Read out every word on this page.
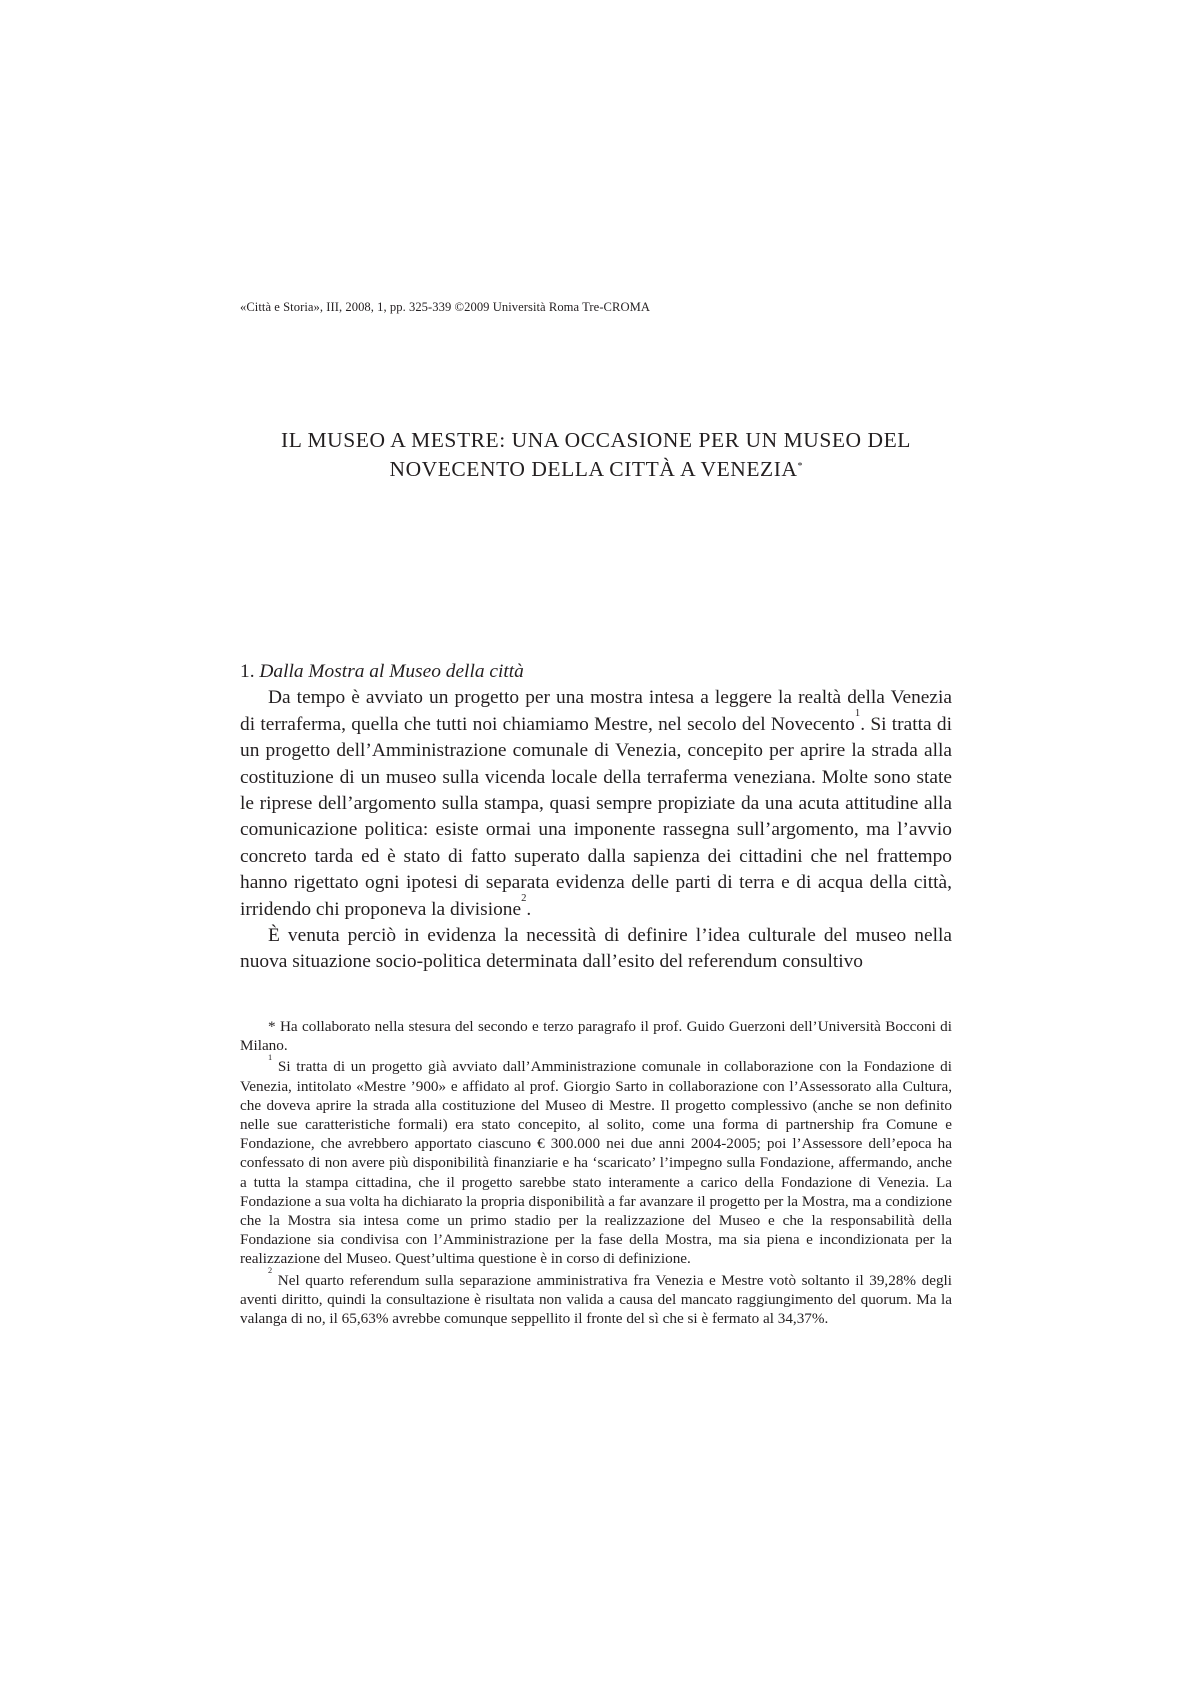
«Città e Storia», III, 2008, 1, pp. 325-339 ©2009 Università Roma Tre-CROMA
IL MUSEO A MESTRE: UNA OCCASIONE PER UN MUSEO DEL
NOVECENTO DELLA CITTÀ A VENEZIA*

1. Dalla Mostra al Museo della città

Da tempo è avviato un progetto per una mostra intesa a leggere la realtà della Venezia di terraferma, quella che tutti noi chiamiamo Mestre, nel secolo del Novecento$^1$. Si tratta di un progetto dell’Amministrazione comunale di Venezia, concepito per aprire la strada alla costituzione di un museo sulla vicenda locale della terraferma veneziana. Molte sono state le riprese dell’argomento sulla stampa, quasi sempre propiziate da una acuta attitudine alla comunicazione politica: esiste ormai una imponente rassegna sull’argomento, ma l’avvio concreto tarda ed è stato di fatto superato dalla sapienza dei cittadini che nel frattempo hanno rigettato ogni ipotesi di separata evidenza delle parti di terra e di acqua della città, irridendo chi proponeva la divisione$^2$.

È venuta perciò in evidenza la necessità di definire l’idea culturale del museo nella nuova situazione socio-politica determinata dall’esito del referendum consultivo

* Ha collaborato nella stesura del secondo e terzo paragrafo il prof. Guido Guerzoni dell’Università Bocconi di Milano.

$^1$ Si tratta di un progetto già avviato dall’Amministrazione comunale in collaborazione con la Fondazione di Venezia, intitolato «Mestre ’900» e affidato al prof. Giorgio Sarto in collaborazione con l’Assessorato alla Cultura, che doveva aprire la strada alla costituzione del Museo di Mestre. Il progetto complessivo (anche se non definito nelle sue caratteristiche formali) era stato concepito, al solito, come una forma di partnership fra Comune e Fondazione, che avrebbero apportato ciascuno € 300.000 nei due anni 2004-2005; poi l’Assessore dell’epoca ha confessato di non avere più disponibilità finanziarie e ha ‘scaricato’ l’impegno sulla Fondazione, affermando, anche a tutta la stampa cittadina, che il progetto sarebbe stato interamente a carico della Fondazione di Venezia. La Fondazione a sua volta ha dichiarato la propria disponibilità a far avanzare il progetto per la Mostra, ma a condizione che la Mostra sia intesa come un primo stadio per la realizzazione del Museo e che la responsabilità della Fondazione sia condivisa con l’Amministrazione per la fase della Mostra, ma sia piena e incondizionata per la realizzazione del Museo. Quest’ultima questione è in corso di definizione.

$^2$ Nel quarto referendum sulla separazione amministrativa fra Venezia e Mestre votò soltanto il 39,28% degli aventi diritto, quindi la consultazione è risultata non valida a causa del mancato raggiungimento del quorum. Ma la valanga di no, il 65,63% avrebbe comunque seppellito il fronte del sì che si è fermato al 34,37%.
